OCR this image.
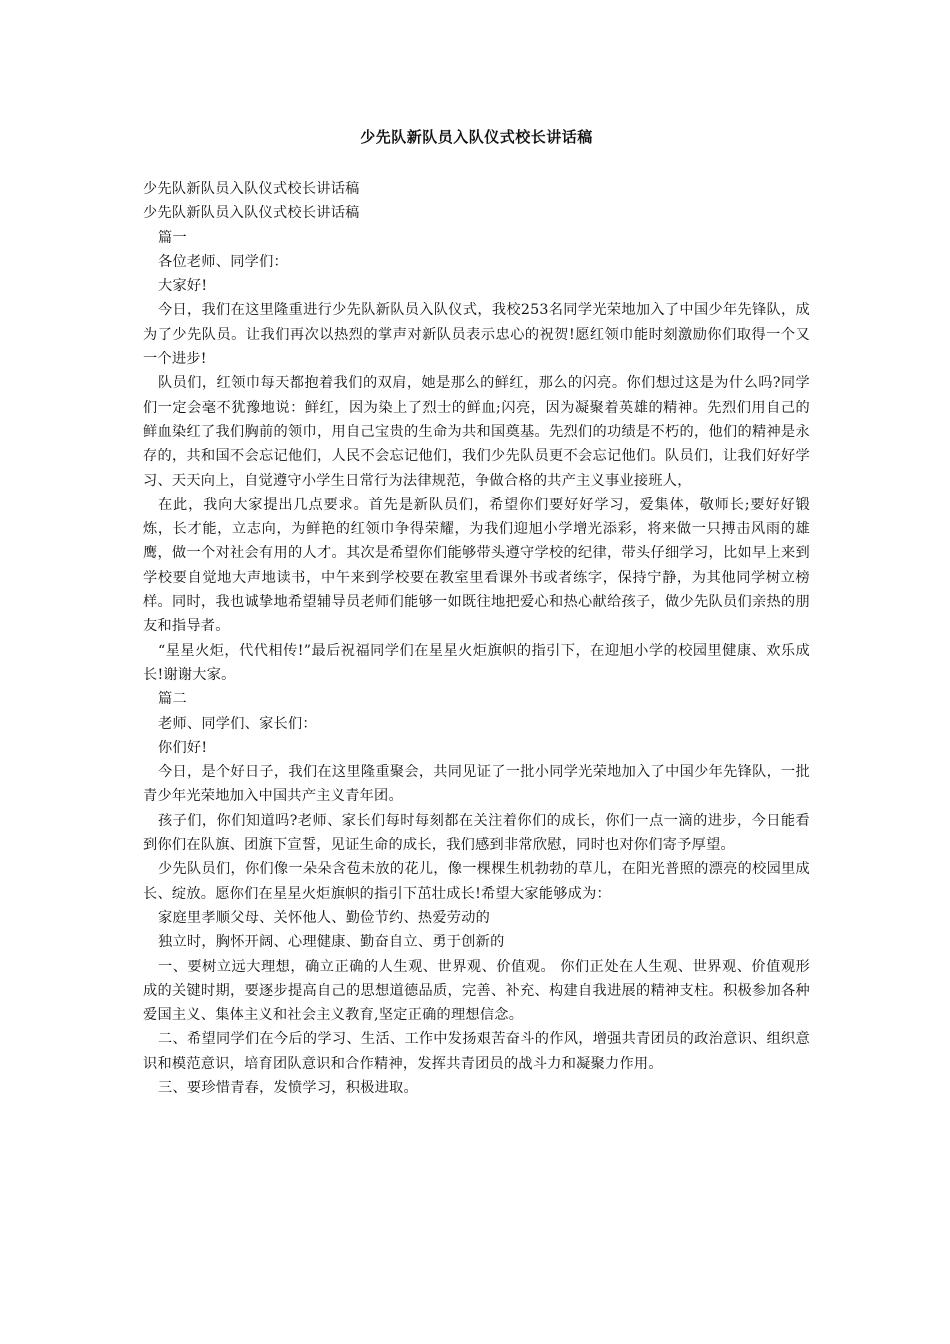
少先队新队员入队仪式校长讲话稿

少先队新队员入队仪式校长讲话稿

少先队新队员入队仪式校长讲话稿

篇一

各位老师、同学们：

大家好!

今日，我们在这里隆重进行少先队新队员入队仪式，我校253名同学光荣地加入了中国少年先锋队，成为了少先队员。让我们再次以热烈的掌声对新队员表示忠心的祝贺!愿红领巾能时刻激励你们取得一个又一个进步!

队员们，红领巾每天都抱着我们的双肩，她是那么的鲜红，那么的闪亮。你们想过这是为什么吗?同学们一定会毫不犹豫地说：鲜红，因为染上了烈士的鲜血;闪亮，因为凝聚着英雄的精神。先烈们用自己的鲜血染红了我们胸前的领巾，用自己宝贵的生命为共和国奠基。先烈们的功绩是不朽的，他们的精神是永存的，共和国不会忘记他们，人民不会忘记他们，我们少先队员更不会忘记他们。队员们，让我们好好学习、天天向上，自觉遵守小学生日常行为法律规范，争做合格的共产主义事业接班人，

在此，我向大家提出几点要求。首先是新队员们，希望你们要好好学习，爱集体，敬师长;要好好锻炼，长才能，立志向，为鲜艳的红领巾争得荣耀，为我们迎旭小学增光添彩，将来做一只搏击风雨的雄鹰，做一个对社会有用的人才。其次是希望你们能够带头遵守学校的纪律，带头仔细学习，比如早上来到学校要自觉地大声地读书，中午来到学校要在教室里看课外书或者练字，保持宁静，为其他同学树立榜样。同时，我也诚挚地希望辅导员老师们能够一如既往地把爱心和热心献给孩子，做少先队员们亲热的朋友和指导者。

“星星火炬，代代相传!”最后祝福同学们在星星火炬旗帜的指引下，在迎旭小学的校园里健康、欢乐成长!谢谢大家。

篇二

老师、同学们、家长们：

你们好!

今日，是个好日子，我们在这里隆重聚会，共同见证了一批小同学光荣地加入了中国少年先锋队，一批青少年光荣地加入中国共产主义青年团。

孩子们，你们知道吗?老师、家长们每时每刻都在关注着你们的成长，你们一点一滴的进步，今日能看到你们在队旗、团旗下宣誓，见证生命的成长，我们感到非常欣慰，同时也对你们寄予厚望。

少先队员们，你们像一朵朵含苞未放的花儿，像一棵棵生机勃勃的草儿，在阳光普照的漂亮的校园里成长、绽放。愿你们在星星火炬旗帜的指引下茁壮成长!希望大家能够成为：

家庭里孝顺父母、关怀他人、勤俭节约、热爱劳动的

独立时，胸怀开阔、心理健康、勤奋自立、勇于创新的

一、要树立远大理想，确立正确的人生观、世界观、价值观。 你们正处在人生观、世界观、价值观形成的关键时期，要逐步提高自己的思想道德品质，完善、补充、构建自我进展的精神支柱。积极参加各种爱国主义、集体主义和社会主义教育,坚定正确的理想信念。

二、希望同学们在今后的学习、生活、工作中发扬艰苦奋斗的作风，增强共青团员的政治意识、组织意识和模范意识，培育团队意识和合作精神，发挥共青团员的战斗力和凝聚力作用。

三、要珍惜青春，发愤学习，积极进取。
